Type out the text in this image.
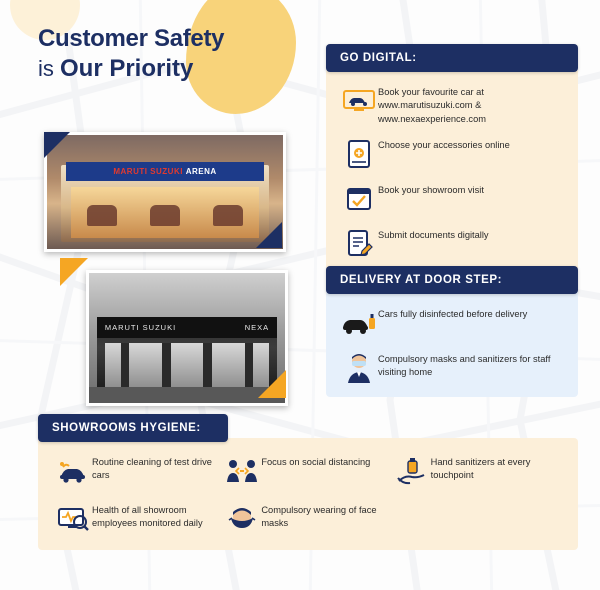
Customer Safety
is Our Priority
MARUTI SUZUKI
ARENA
MARUTI SUZUKI	NEXA
GO DIGITAL:
Book your favourite car at www.marutisuzuki.com & www.nexaexperience.com
Choose your accessories online
Book your showroom visit
Submit documents digitally
DELIVERY AT DOOR STEP:
Cars fully disinfected before delivery
Compulsory masks and sanitizers for staff visiting home
SHOWROOMS HYGIENE:
Routine cleaning of test drive cars
Focus on social distancing	Hand sanitizers at every touchpoint
Health of all showroom employees monitored daily
Compulsory wearing of face masks
